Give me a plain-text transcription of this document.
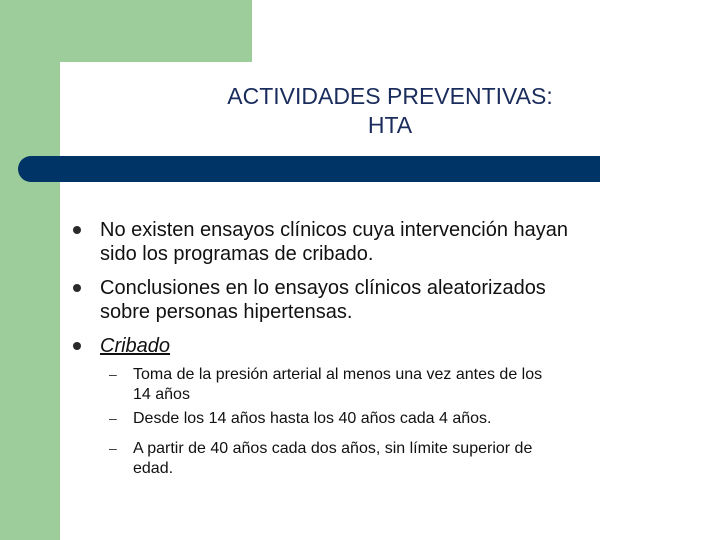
ACTIVIDADES PREVENTIVAS:
HTA
No existen ensayos clínicos cuya intervención hayan
sido los programas de cribado.
Conclusiones en lo ensayos clínicos aleatorizados
sobre personas hipertensas.
Cribado
– Toma de la presión arterial al menos una vez antes de los
14 años
– Desde los 14 años hasta los 40 años cada 4 años.
– A partir de 40 años cada dos años, sin límite superior de
edad.
